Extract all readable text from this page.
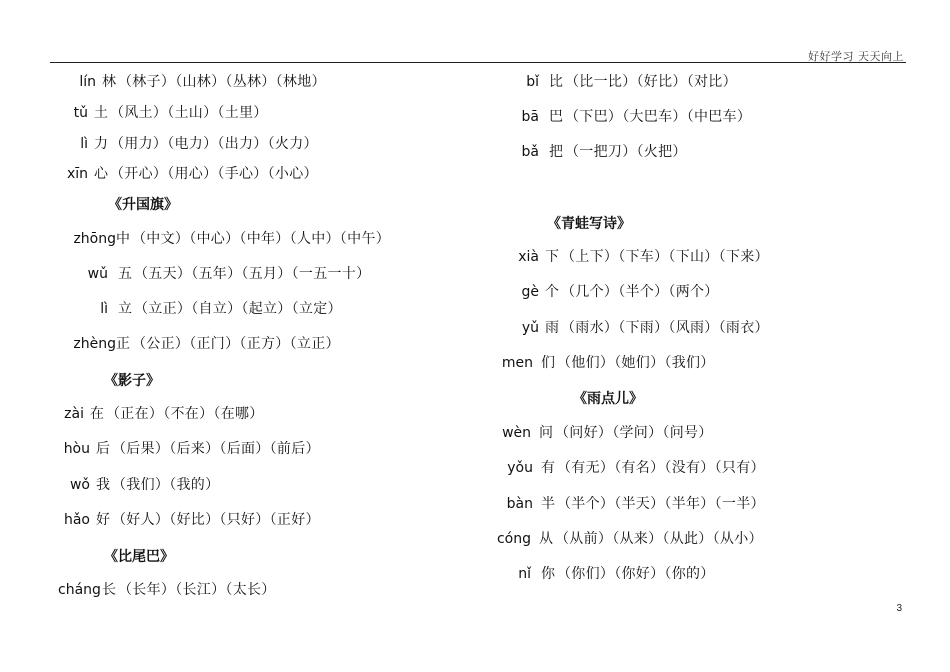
好好学习 天天向上
lín 林 （林子）（山林）（丛林）（林地）
tǔ 土 （风土）（土山）（土里）
lì 力 （用力）（电力）（出力）（火力）
xīn 心 （开心）（用心）（手心）（小心）
《升国旗》
zhōng 中 （中文）（中心）（中年）（人中）（中午）
wǔ 五 （五天）（五年）（五月）（一五一十）
lì 立 （立正）（自立）（起立）（立定）
zhèng 正 （公正）（正门）（正方）（立正）
《影子》
zài 在 （正在）（不在）（在哪）
hòu 后 （后果）（后来）（后面）（前后）
wǒ 我 （我们）（我的）
hǎo 好 （好人）（好比）（只好）（正好）
《比尾巴》
cháng 长 （长年）（长江）（太长）
bǐ 比 （比一比）（好比）（对比）
bā 巴 （下巴）（大巴车）（中巴车）
bǎ 把 （一把刀）（火把）
《青蛙写诗》
xià 下 （上下）（下车）（下山）（下来）
gè 个 （几个）（半个）（两个）
yǔ 雨 （雨水）（下雨）（风雨）（雨衣）
men 们 （他们）（她们）（我们）
《雨点儿》
wèn 问 （问好）（学问）（问号）
yǒu 有 （有无）（有名）（没有）（只有）
bàn 半 （半个）（半天）（半年）（一半）
cóng 从 （从前）（从来）（从此）（从小）
nǐ 你 （你们）（你好）（你的）
3
